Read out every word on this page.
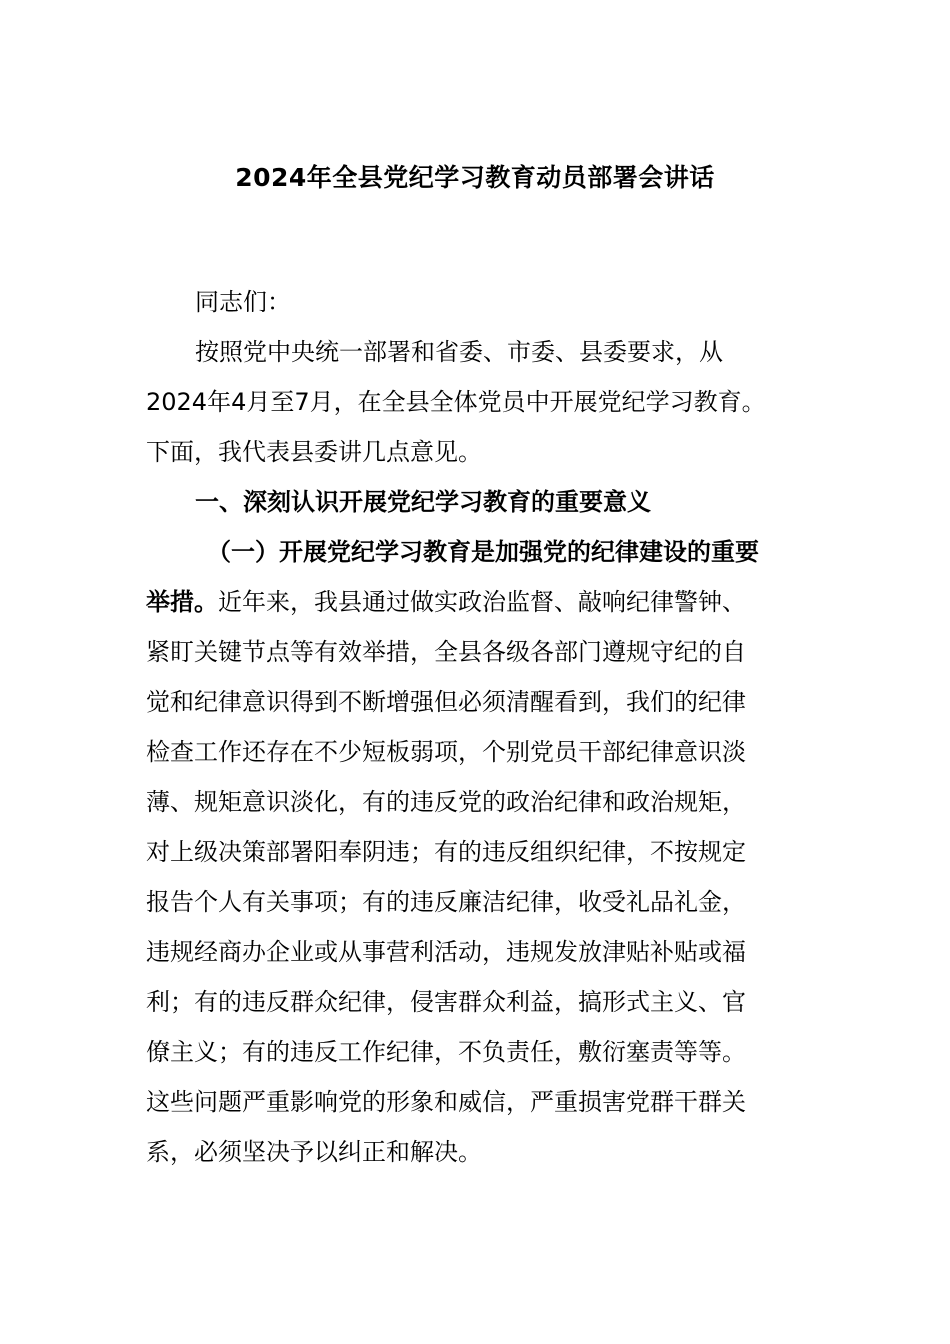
2024年全县党纪学习教育动员部署会讲话
同志们：
按照党中央统一部署和省委、市委、县委要求，从
2024年4月至7月，在全县全体党员中开展党纪学习教育。
下面，我代表县委讲几点意见。
一、深刻认识开展党纪学习教育的重要意义
（一）开展党纪学习教育是加强党的纪律建设的重要
举措。近年来，我县通过做实政治监督、敲响纪律警钟、
紧盯关键节点等有效举措，全县各级各部门遵规守纪的自
觉和纪律意识得到不断增强但必须清醒看到，我们的纪律
检查工作还存在不少短板弱项，个别党员干部纪律意识淡
薄、规矩意识淡化，有的违反党的政治纪律和政治规矩，
对上级决策部署阳奉阴违；有的违反组织纪律，不按规定
报告个人有关事项；有的违反廉洁纪律，收受礼品礼金，
违规经商办企业或从事营利活动，违规发放津贴补贴或福
利；有的违反群众纪律，侵害群众利益，搞形式主义、官
僚主义；有的违反工作纪律，不负责任，敷衍塞责等等。
这些问题严重影响党的形象和威信，严重损害党群干群关
系，必须坚决予以纠正和解决。
